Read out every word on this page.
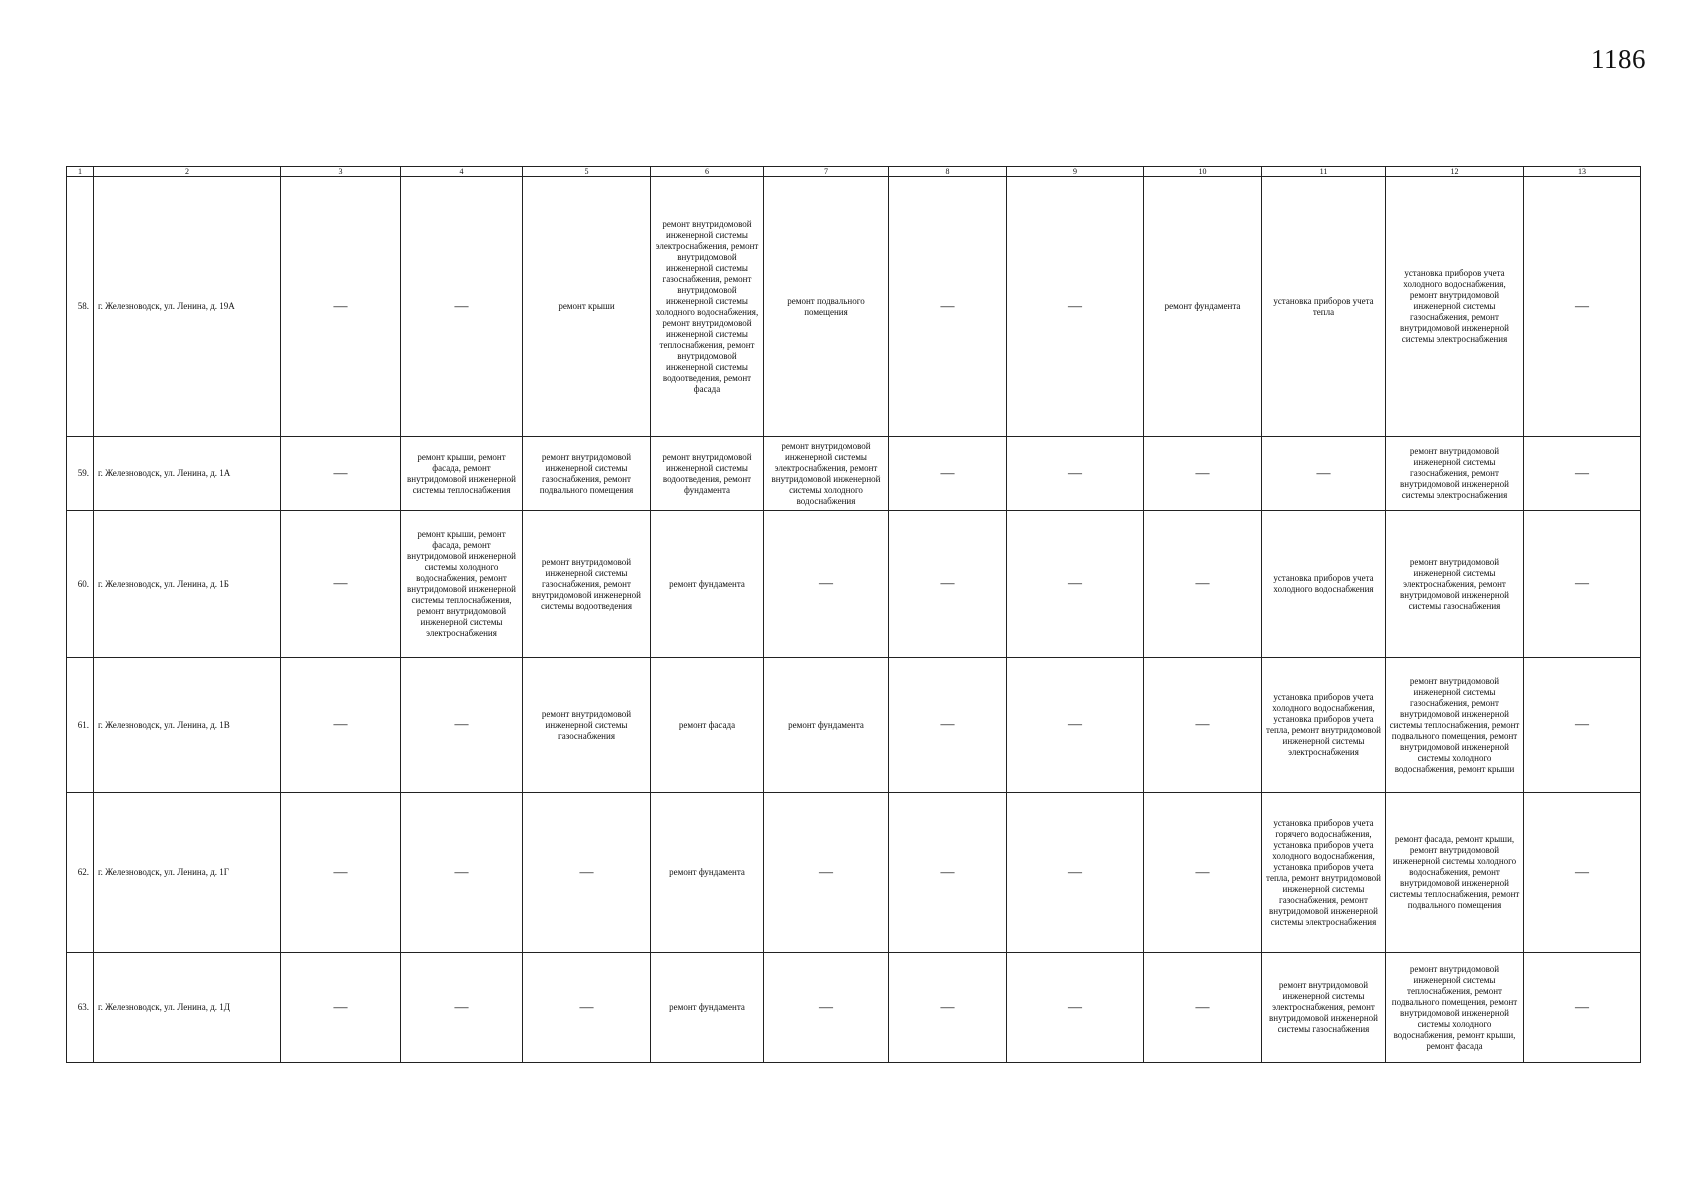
1186
1	2	3	4	5	6	7	8	9	10	11	12	13
58.	г. Железноводск, ул. Ленина, д. 19А	—	—	ремонт крыши	ремонт внутридомовой инженерной системы электроснабжения, ремонт внутридомовой инженерной системы газоснабжения, ремонт внутридомовой инженерной системы холодного водоснабжения, ремонт внутридомовой инженерной системы теплоснабжения, ремонт внутридомовой инженерной системы водоотведения, ремонт фасада	ремонт подвального помещения	—	—	ремонт фундамента	установка приборов учета тепла	установка приборов учета холодного водоснабжения, ремонт внутридомовой инженерной системы газоснабжения, ремонт внутридомовой инженерной системы электроснабжения	—
59.	г. Железноводск, ул. Ленина, д. 1А	—	ремонт крыши, ремонт фасада, ремонт внутридомовой инженерной системы теплоснабжения	ремонт внутридомовой инженерной системы газоснабжения, ремонт подвального помещения	ремонт внутридомовой инженерной системы водоотведения, ремонт фундамента	ремонт внутридомовой инженерной системы электроснабжения, ремонт внутридомовой инженерной системы холодного водоснабжения	—	—	—	—	ремонт внутридомовой инженерной системы газоснабжения, ремонт внутридомовой инженерной системы электроснабжения	—
60.	г. Железноводск, ул. Ленина, д. 1Б	—	ремонт крыши, ремонт фасада, ремонт внутридомовой инженерной системы холодного водоснабжения, ремонт внутридомовой инженерной системы теплоснабжения, ремонт внутридомовой инженерной системы электроснабжения	ремонт внутридомовой инженерной системы газоснабжения, ремонт внутридомовой инженерной системы водоотведения	ремонт фундамента	—	—	—	—	установка приборов учета холодного водоснабжения	ремонт внутридомовой инженерной системы электроснабжения, ремонт внутридомовой инженерной системы газоснабжения	—
61.	г. Железноводск, ул. Ленина, д. 1В	—	—	ремонт внутридомовой инженерной системы газоснабжения	ремонт фасада	ремонт фундамента	—	—	—	установка приборов учета холодного водоснабжения, установка приборов учета тепла, ремонт внутридомовой инженерной системы электроснабжения	ремонт внутридомовой инженерной системы газоснабжения, ремонт внутридомовой инженерной системы теплоснабжения, ремонт подвального помещения, ремонт внутридомовой инженерной системы холодного водоснабжения, ремонт крыши	—
62.	г. Железноводск, ул. Ленина, д. 1Г	—	—	—	ремонт фундамента	—	—	—	—	установка приборов учета горячего водоснабжения, установка приборов учета холодного водоснабжения, установка приборов учета тепла, ремонт внутридомовой инженерной системы газоснабжения, ремонт внутридомовой инженерной системы электроснабжения	ремонт фасада, ремонт крыши, ремонт внутридомовой инженерной системы холодного водоснабжения, ремонт внутридомовой инженерной системы теплоснабжения, ремонт подвального помещения	—
63.	г. Железноводск, ул. Ленина, д. 1Д	—	—	—	ремонт фундамента	—	—	—	—	ремонт внутридомовой инженерной системы электроснабжения, ремонт внутридомовой инженерной системы газоснабжения	ремонт внутридомовой инженерной системы теплоснабжения, ремонт подвального помещения, ремонт внутридомовой инженерной системы холодного водоснабжения, ремонт крыши, ремонт фасада	—
